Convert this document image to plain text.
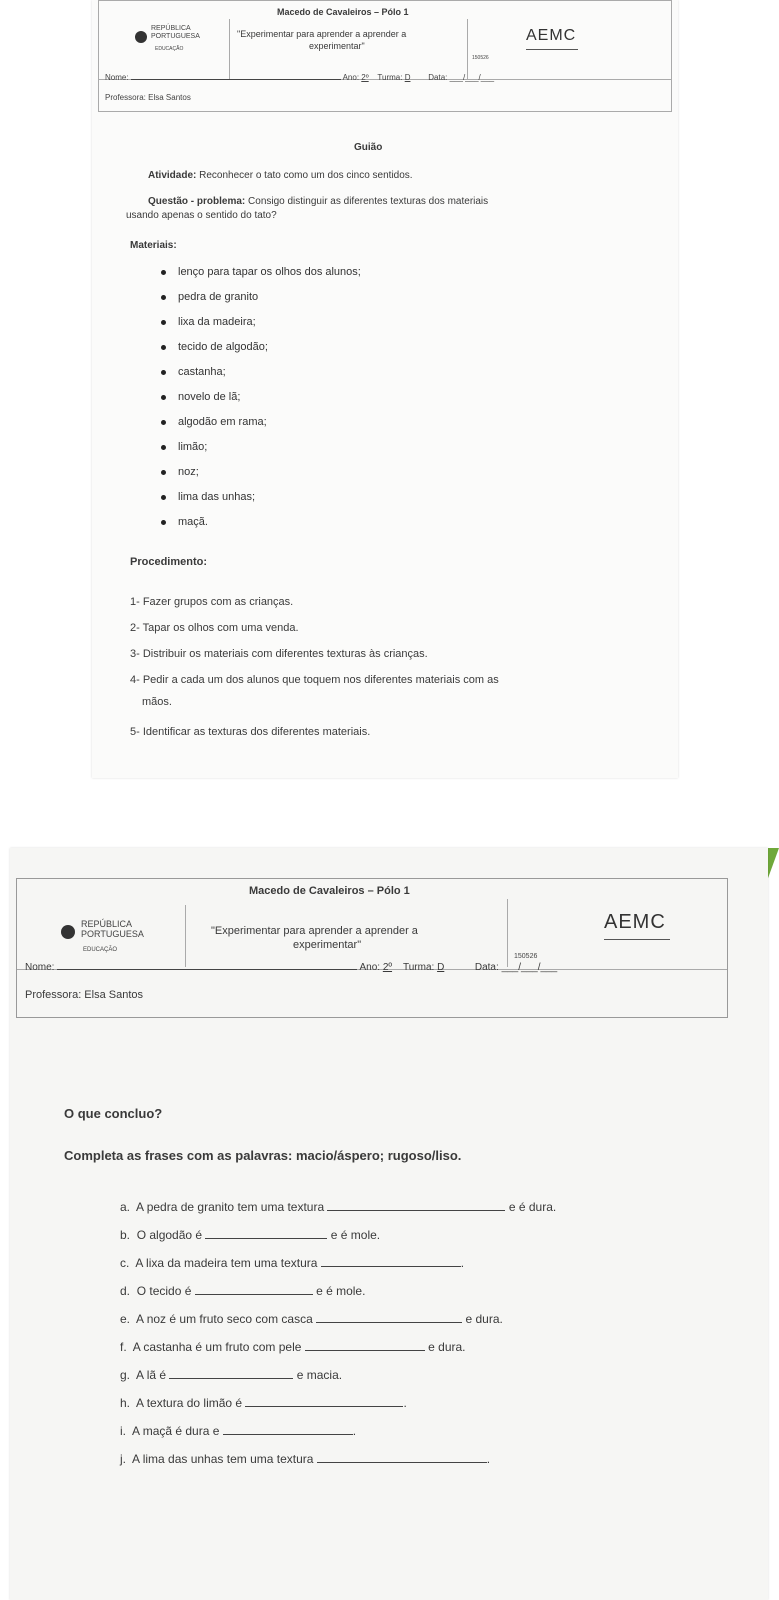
REPÚBLICA
PORTUGUESA
EDUCAÇÃO
Macedo de Cavaleiros – Pólo 1
"Experimentar para aprender a aprender a
experimentar"
150526
AEMC
Nome:	Ano: 2º Turma: D Data: ___/___/___
Professora: Elsa Santos
Guião
Atividade: Reconhecer o tato como um dos cinco sentidos.
Questão - problema: Consigo distinguir as diferentes texturas dos materiais
usando apenas o sentido do tato?
Materiais:
lenço para tapar os olhos dos alunos;
pedra de granito
lixa da madeira;
tecido de algodão;
castanha;
novelo de lã;
algodão em rama;
limão;
noz;
lima das unhas;
maçã.
Procedimento:
1- Fazer grupos com as crianças.
2- Tapar os olhos com uma venda.
3- Distribuir os materiais com diferentes texturas às crianças.
4- Pedir a cada um dos alunos que toquem nos diferentes materiais com as
mãos.
5- Identificar as texturas dos diferentes materiais.
REPÚBLICA
PORTUGUESA
EDUCAÇÃO
Macedo de Cavaleiros – Pólo 1
"Experimentar para aprender a aprender a
experimentar"
150526
AEMC
Nome:	Ano: 2º Turma: D	Data: ___/___/___
Professora: Elsa Santos
O que concluo?
Completa as frases com as palavras: macio/áspero; rugoso/liso.
a. A pedra de granito tem uma textura	e é dura.
b. O algodão é	e é mole.
c. A lixa da madeira tem uma textura	.
d. O tecido é	e é mole.
e. A noz é um fruto seco com casca	e dura.
f. A castanha é um fruto com pele	e dura.
g. A lã é	e macia.
h. A textura do limão é	.
i. A maçã é dura e	.
j. A lima das unhas tem uma textura	.
